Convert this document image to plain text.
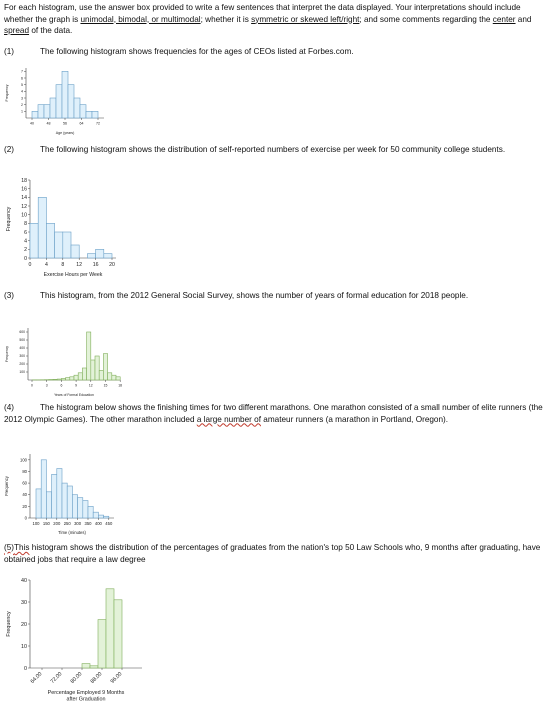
For each histogram, use the answer box provided to write a few sentences that interpret the data displayed. Your interpretations should include whether the graph is unimodal, bimodal, or multimodal; whether it is symmetric or skewed left/right; and some comments regarding the center and spread of the data.
(1)	The following histogram shows frequencies for the ages of CEOs listed at Forbes.com.
1
2
3
4
5
6
7
40	48	56	64	72
Age (years)
Frequency
(2)	The following histogram shows the distribution of self-reported numbers of exercise per week for 50 community college students.
0
2
4
6
8
10
12
14
16
18
0	4	8 12 16 20
Exercise Hours per Week
Frequency
(3)	This histogram, from the 2012 General Social Survey, shows the number of years of formal education for 2018 people.
100
200
300
400
500
600
0	3	6	9	12	15	18
Years of Formal Education
Frequency
(4)	The histogram below shows the finishing times for two different marathons. One marathon consisted of a small number of elite runners (the 2012 Olympic Games). The other marathon included a large number of amateur runners (a marathon in Portland, Oregon).
0
20
40
60
80
100
100 150 200 250 300 350 400 450
Time (minutes)
Frequency
(5)This histogram shows the distribution of the percentages of graduates from the nation's top 50 Law Schools who, 9 months after graduating, have obtained jobs that require a law degree
0
10
20
30
40
64.00 72.00 80.00 88.00 96.00
Percentage Employed 9 Months after Graduation
Frequency
